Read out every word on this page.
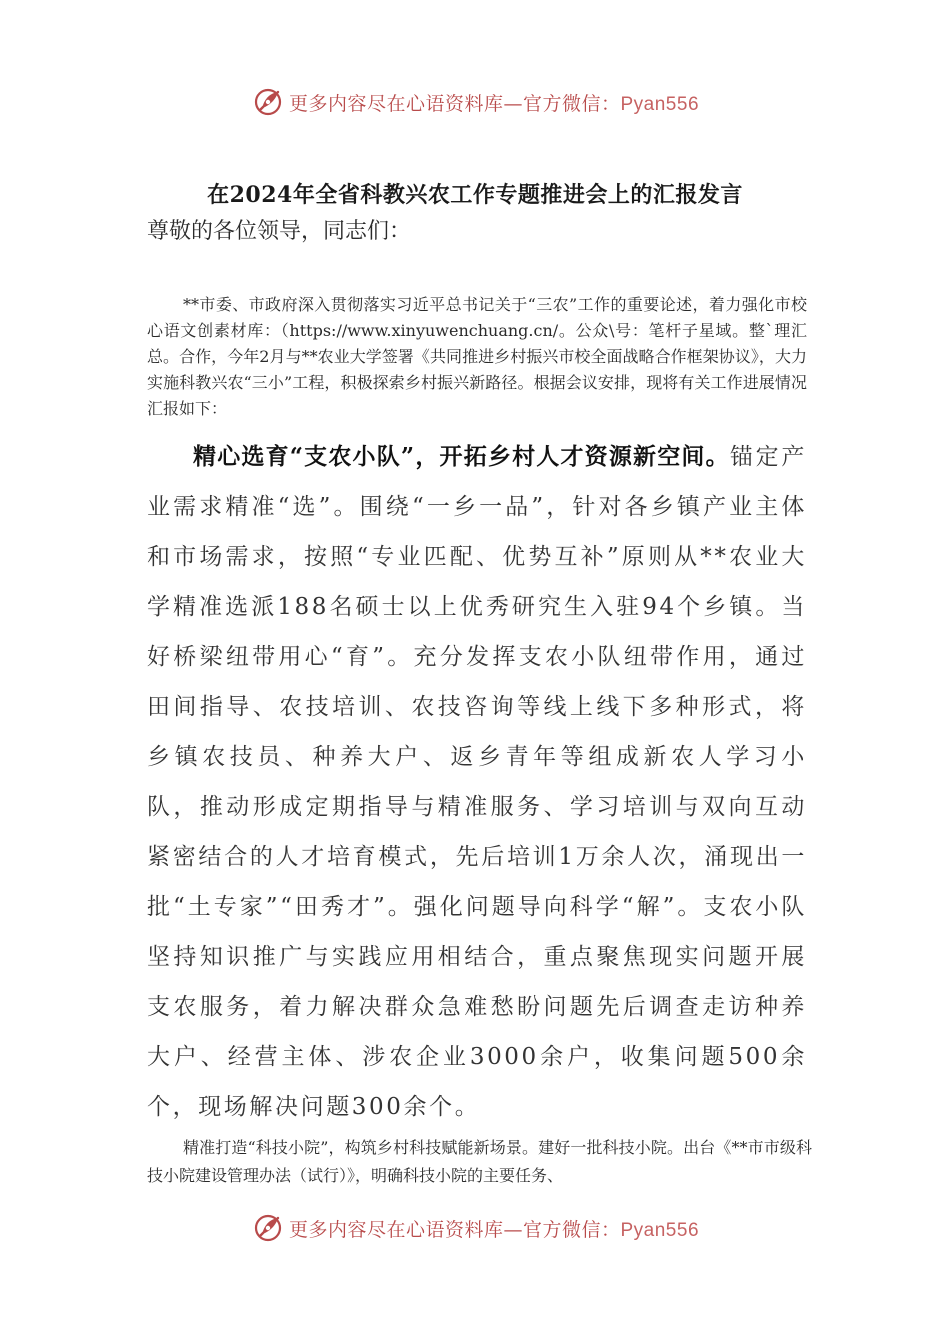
更多内容尽在心语资料库—官方微信：Pyan556
在2024年全省科教兴农工作专题推进会上的汇报发言

尊敬的各位领导，同志们：

**市委、市政府深入贯彻落实习近平总书记关于“三农”工作的重要论述，着力强化市校心语文创素材库：（https://www.xinyuwenchuang.cn/。公众\号：笔杆子星域。整`理汇总。合作，今年2月与**农业大学签署《共同推进乡村振兴市校全面战略合作框架协议》，大力实施科教兴农“三小”工程，积极探索乡村振兴新路径。根据会议安排，现将有关工作进展情况汇报如下：

精心选育“支农小队”，开拓乡村人才资源新空间。锚定产业需求精准“选”。围绕“一乡一品”，针对各乡镇产业主体和市场需求，按照“专业匹配、优势互补”原则从**农业大学精准选派188名硕士以上优秀研究生入驻94个乡镇。当好桥梁纽带用心“育”。充分发挥支农小队纽带作用，通过田间指导、农技培训、农技咨询等线上线下多种形式，将乡镇农技员、种养大户、返乡青年等组成新农人学习小队，推动形成定期指导与精准服务、学习培训与双向互动紧密结合的人才培育模式，先后培训1万余人次，涌现出一批“土专家”“田秀才”。强化问题导向科学“解”。支农小队坚持知识推广与实践应用相结合，重点聚焦现实问题开展支农服务，着力解决群众急难愁盼问题先后调查走访种养大户、经营主体、涉农企业3000余户，收集问题500余个，现场解决问题300余个。

精准打造“科技小院”，构筑乡村科技赋能新场景。建好一批科技小院。出台《**市市级科技小院建设管理办法（试行）》，明确科技小院的主要任务、

更多内容尽在心语资料库—官方微信：Pyan556
